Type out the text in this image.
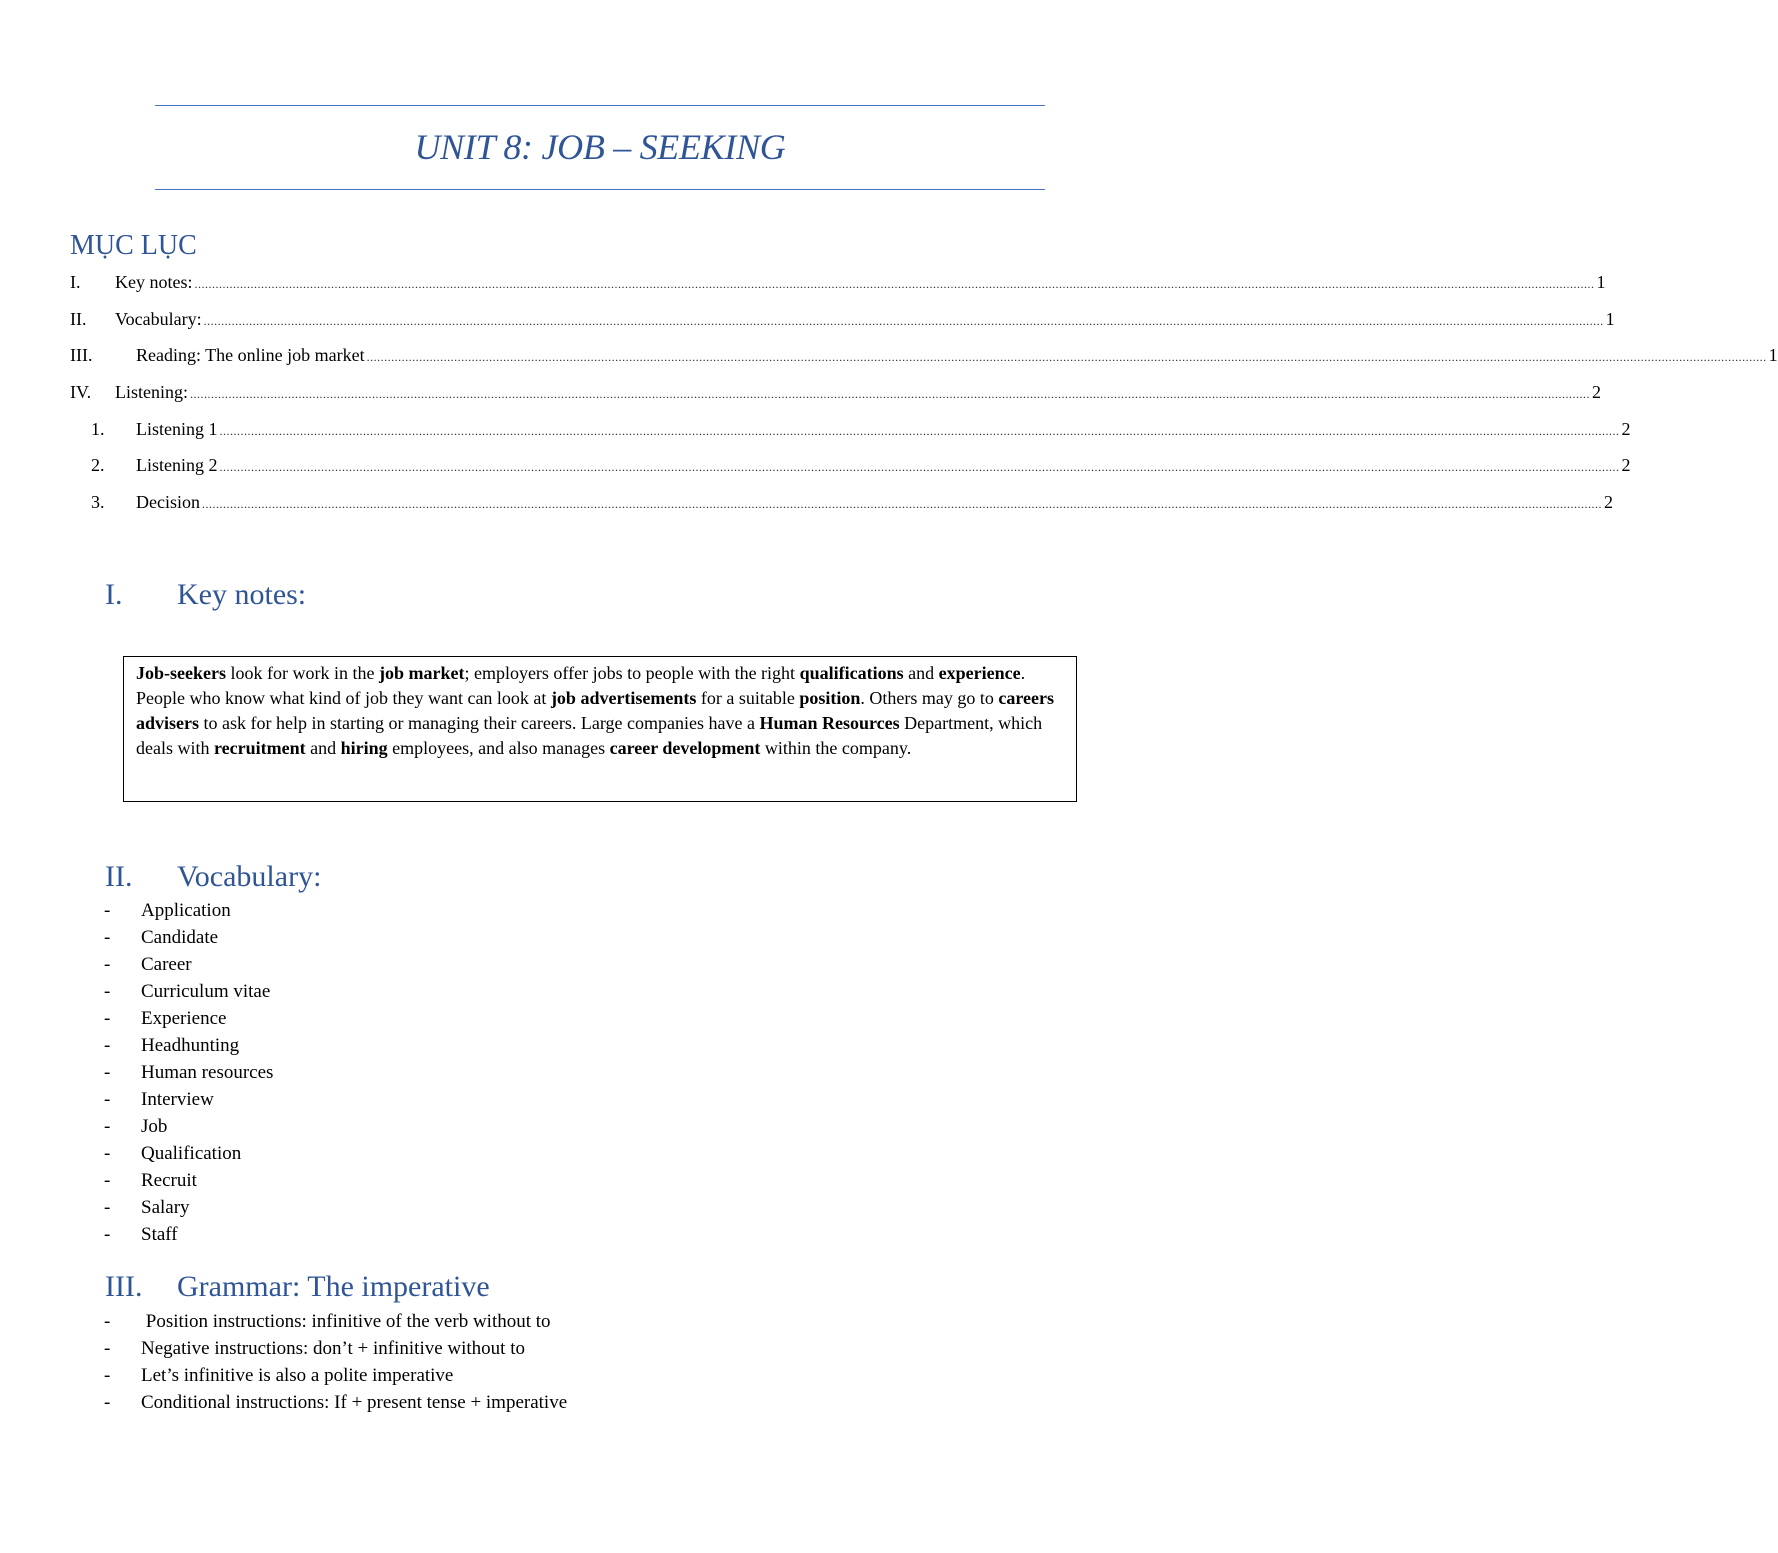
UNIT 8: JOB – SEEKING
MỤC LỤC
I.	Key notes: ................................................................................................................................................................................................................................................................................................................................................................................................................ 1
II.	Vocabulary: ................................................................................................................................................................................................................................................................................................................................................................................................................ 1
III.	Reading: The online job market ................................................................................................................................................................................................................................................................................................................................................................................................................ 1
IV.	Listening: ................................................................................................................................................................................................................................................................................................................................................................................................................ 2
1.	Listening 1 ................................................................................................................................................................................................................................................................................................................................................................................................................ 2
2.	Listening 2 ................................................................................................................................................................................................................................................................................................................................................................................................................ 2
3.	Decision ................................................................................................................................................................................................................................................................................................................................................................................................................ 2
I. Key notes:
Job-seekers look for work in the job market; employers offer jobs to people with the right qualifications and experience. People who know what kind of job they want can look at job advertisements for a suitable position. Others may go to careers advisers to ask for help in starting or managing their careers. Large companies have a Human Resources Department, which deals with recruitment and hiring employees, and also manages career development within the company.
II. Vocabulary:
- Application
- Candidate
- Career
- Curriculum vitae
- Experience
- Headhunting
- Human resources
- Interview
- Job
- Qualification
- Recruit
- Salary
- Staff
III. Grammar: The imperative
- Position instructions: infinitive of the verb without to
- Negative instructions: don’t + infinitive without to
- Let’s infinitive is also a polite imperative
- Conditional instructions: If + present tense + imperative
